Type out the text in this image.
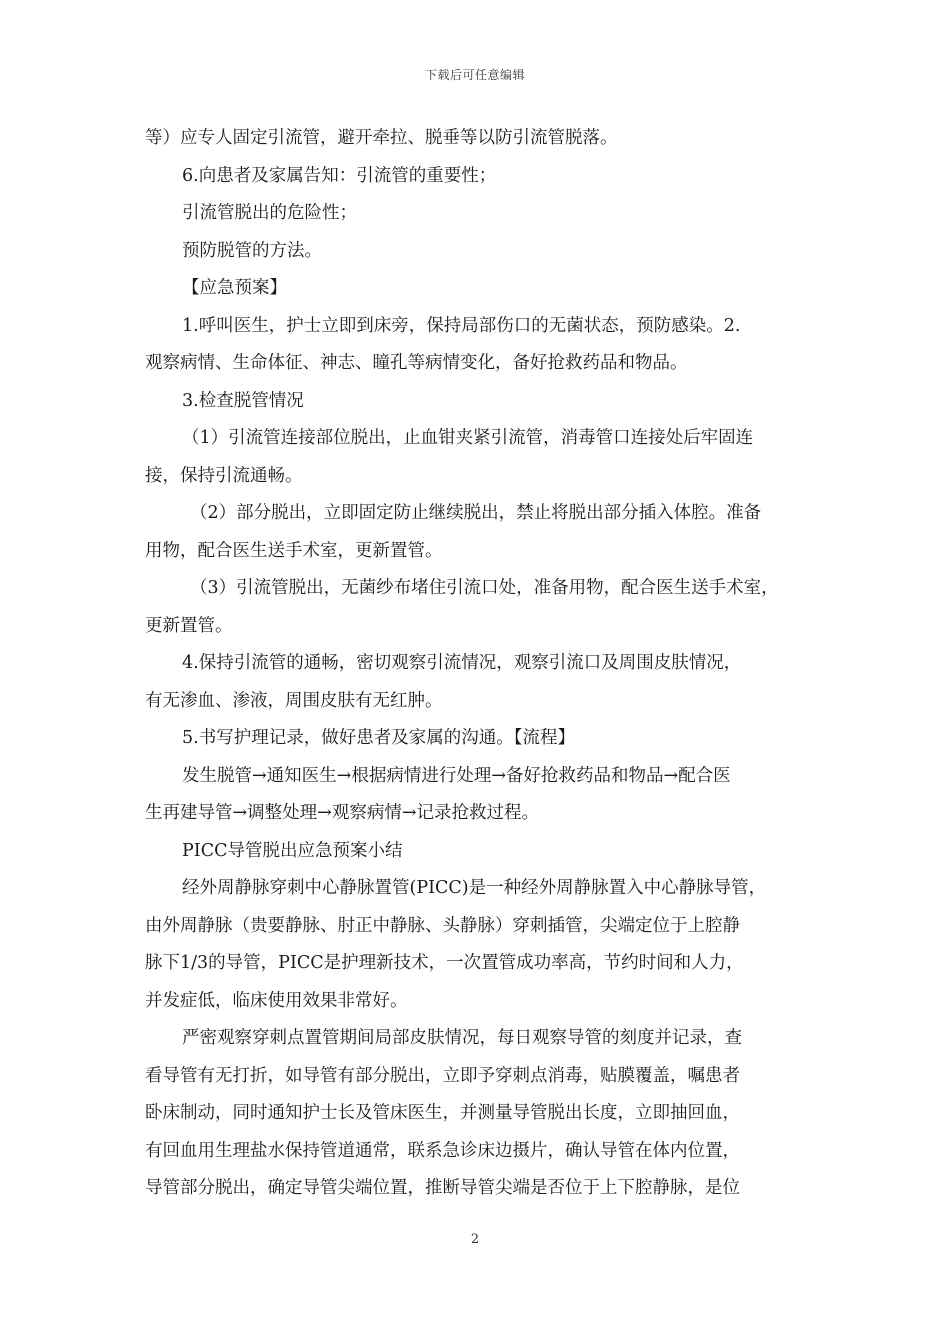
下载后可任意编辑
等）应专人固定引流管，避开牵拉、脱垂等以防引流管脱落。
6.向患者及家属告知：引流管的重要性；
引流管脱出的危险性；
预防脱管的方法。
【应急预案】
1.呼叫医生，护士立即到床旁，保持局部伤口的无菌状态，预防感染。2.
观察病情、生命体征、神志、瞳孔等病情变化，备好抢救药品和物品。
3.检查脱管情况
（1）引流管连接部位脱出，止血钳夹紧引流管，消毒管口连接处后牢固连
接，保持引流通畅。
（2）部分脱出，立即固定防止继续脱出，禁止将脱出部分插入体腔。准备
用物，配合医生送手术室，更新置管。
（3）引流管脱出，无菌纱布堵住引流口处，准备用物，配合医生送手术室，
更新置管。
4.保持引流管的通畅，密切观察引流情况，观察引流口及周围皮肤情况，
有无渗血、渗液，周围皮肤有无红肿。
5.书写护理记录，做好患者及家属的沟通。【流程】
发生脱管→通知医生→根据病情进行处理→备好抢救药品和物品→配合医
生再建导管→调整处理→观察病情→记录抢救过程。
PICC导管脱出应急预案小结
经外周静脉穿刺中心静脉置管(PICC)是一种经外周静脉置入中心静脉导管，
由外周静脉（贵要静脉、肘正中静脉、头静脉）穿刺插管，尖端定位于上腔静
脉下1/3的导管，PICC是护理新技术，一次置管成功率高，节约时间和人力，
并发症低，临床使用效果非常好。
严密观察穿刺点置管期间局部皮肤情况，每日观察导管的刻度并记录，查
看导管有无打折，如导管有部分脱出，立即予穿刺点消毒，贴膜覆盖，嘱患者
卧床制动，同时通知护士长及管床医生，并测量导管脱出长度，立即抽回血，
有回血用生理盐水保持管道通常，联系急诊床边摄片，确认导管在体内位置，
导管部分脱出，确定导管尖端位置，推断导管尖端是否位于上下腔静脉，是位
2
